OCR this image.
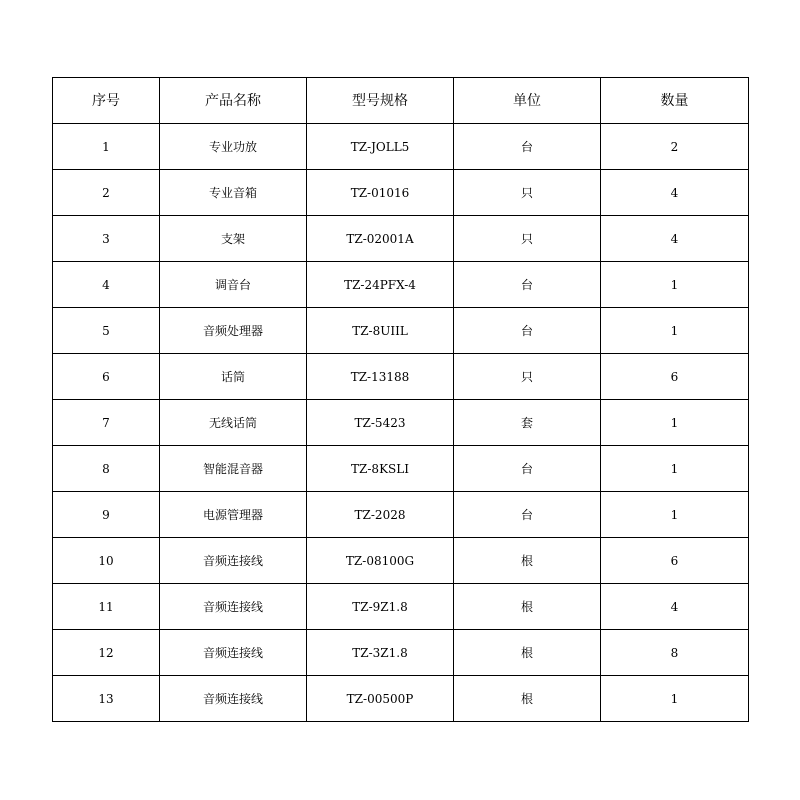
序号	产品名称	型号规格	单位	数量
1	专业功放	TZ-JOLL5	台	2
2	专业音箱	TZ-01016	只	4
3	支架	TZ-02001A	只	4
4	调音台	TZ-24PFX-4	台	1
5	音频处理器	TZ-8UIIL	台	1
6	话筒	TZ-13188	只	6
7	无线话筒	TZ-5423	套	1
8	智能混音器	TZ-8KSLI	台	1
9	电源管理器	TZ-2028	台	1
10	音频连接线	TZ-08100G	根	6
11	音频连接线	TZ-9Z1.8	根	4
12	音频连接线	TZ-3Z1.8	根	8
13	音频连接线	TZ-00500P	根	1
